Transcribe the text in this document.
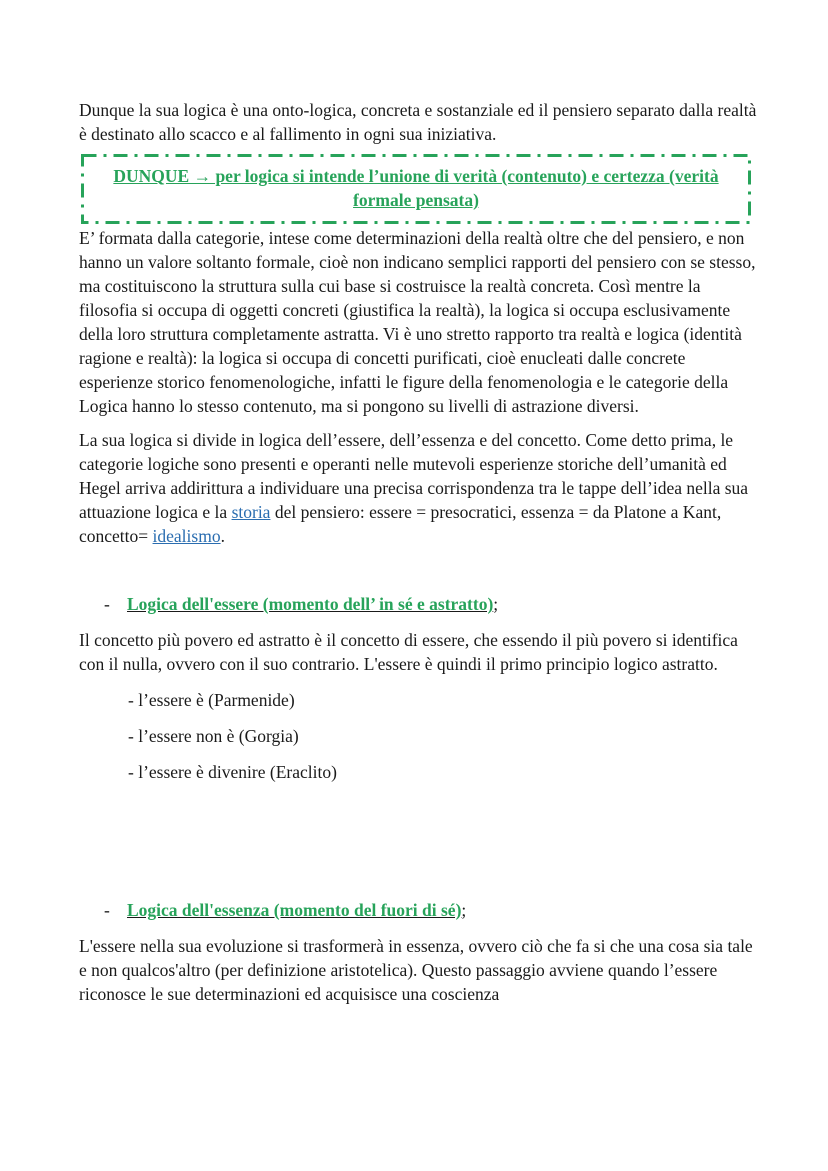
Dunque la sua logica è una onto-logica, concreta e sostanziale ed il pensiero separato dalla realtà è destinato allo scacco e al fallimento in ogni sua iniziativa.

DUNQUE → per logica si intende l’unione di verità (contenuto) e certezza (verità formale pensata)

E’ formata dalla categorie, intese come determinazioni della realtà oltre che del pensiero, e non hanno un valore soltanto formale, cioè non indicano semplici rapporti del pensiero con se stesso, ma costituiscono la struttura sulla cui base si costruisce la realtà concreta. Così mentre la filosofia si occupa di oggetti concreti (giustifica la realtà), la logica si occupa esclusivamente della loro struttura completamente astratta. Vi è uno stretto rapporto tra realtà e logica (identità ragione e realtà): la logica si occupa di concetti purificati, cioè enucleati dalle concrete esperienze storico fenomenologiche, infatti le figure della fenomenologia e le categorie della Logica hanno lo stesso contenuto, ma si pongono su livelli di astrazione diversi.

La sua logica si divide in logica dell’essere, dell’essenza e del concetto. Come detto prima, le categorie logiche sono presenti e operanti nelle mutevoli esperienze storiche dell’umanità ed Hegel arriva addirittura a individuare una precisa corrispondenza tra le tappe dell’idea nella sua attuazione logica e la storia del pensiero: essere = presocratici, essenza = da Platone a Kant, concetto= idealismo.

- Logica dell'essere (momento dell’ in sé e astratto);

Il concetto più povero ed astratto è il concetto di essere, che essendo il più povero si identifica con il nulla, ovvero con il suo contrario. L'essere è quindi il primo principio logico astratto.

- l’essere è (Parmenide)
- l’essere non è (Gorgia)
- l’essere è divenire (Eraclito)
- Logica dell'essenza (momento del fuori di sé);

L'essere nella sua evoluzione si trasformerà in essenza, ovvero ciò che fa si che una cosa sia tale e non qualcos'altro (per definizione aristotelica). Questo passaggio avviene quando l’essere riconosce le sue determinazioni ed acquisisce una coscienza
